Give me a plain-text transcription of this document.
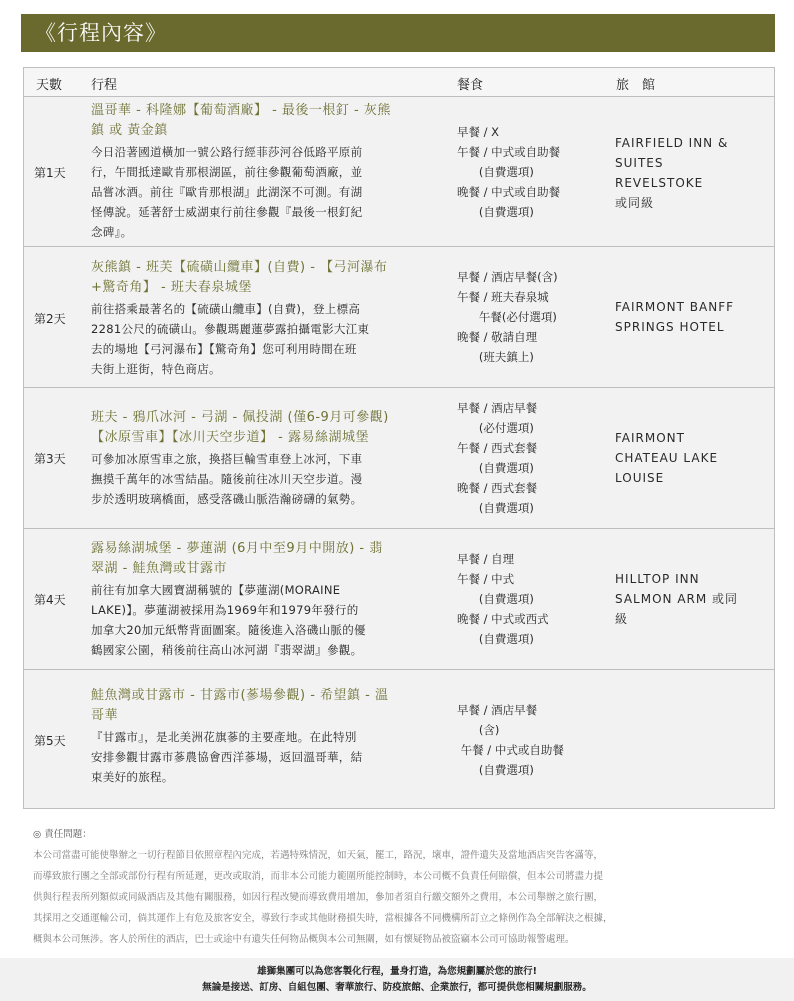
《行程內容》
天數 行程	餐食	旅　館
第1天
溫哥華 - 科隆娜【葡萄酒廠】 - 最後一根釘 - 灰熊
鎮 或 黃金鎮
今日沿著國道橫加一號公路行經菲莎河谷低路平原前
行，午間抵達歐肯那根湖區，前往參觀葡萄酒廠，並
品嘗冰酒。前往『歐肯那根湖』此湖深不可測。有湖
怪傳說。延著舒士威湖東行前往參觀『最後一根釘紀
念碑』。
早餐 / X
午餐 / 中式或自助餐
(自費選項)
晚餐 / 中式或自助餐
(自費選項)
FAIRFIELD INN &
SUITES
REVELSTOKE
或同級
第2天
灰熊鎮 - 班芙【硫磺山纜車】(自費) - 【弓河瀑布
+驚奇角】 - 班夫春泉城堡
前往搭乘最著名的【硫磺山纜車】(自費)，登上標高
2281公尺的硫磺山。參觀瑪麗蓮夢露拍攝電影大江東
去的場地【弓河瀑布】【驚奇角】您可利用時間在班
夫街上逛街，特色商店。
早餐 / 酒店早餐(含)
午餐 / 班夫春泉城
午餐(必付選項)
晚餐 / 敬請自理
(班夫鎮上)
FAIRMONT BANFF
SPRINGS HOTEL
第3天
班夫 - 鴉爪冰河 - 弓湖 - 佩投湖 (僅6-9月可參觀)
【冰原雪車】【冰川天空步道】 - 露易絲湖城堡
可參加冰原雪車之旅，換搭巨輪雪車登上冰河，下車
撫摸千萬年的冰雪結晶。隨後前往冰川天空步道。漫
步於透明玻璃橋面，感受落磯山脈浩瀚磅礴的氣勢。
早餐 / 酒店早餐
(必付選項)
午餐 / 西式套餐
(自費選項)
晚餐 / 西式套餐
(自費選項)
FAIRMONT
CHATEAU LAKE
LOUISE
第4天
露易絲湖城堡 - 夢蓮湖 (6月中至9月中開放) - 翡
翠湖 - 鮭魚灣或甘露市
前往有加拿大國寶湖稱號的【夢蓮湖(MORAINE
LAKE)】。夢蓮湖被採用為1969年和1979年發行的
加拿大20加元紙幣背面圖案。隨後進入洛磯山脈的優
鶴國家公園，稍後前往高山冰河湖『翡翠湖』參觀。
早餐 / 自理
午餐 / 中式
(自費選項)
晚餐 / 中式或西式
(自費選項)
HILLTOP INN
SALMON ARM 或同
級
第5天
鮭魚灣或甘露市 - 甘露市(蔘場參觀) - 希望鎮 - 溫
哥華
『甘露市』，是北美洲花旗蔘的主要產地。在此特別
安排參觀甘露市蔘農協會西洋蔘場，返回溫哥華，結
束美好的旅程。
早餐 / 酒店早餐
(含)
午餐 / 中式或自助餐
(自費選項)
◎ 責任問題：
本公司當盡可能使舉辦之一切行程節目依照章程內完成，若遇特殊情況，如天氣，罷工，路況，壞車，證件遺失及當地酒店突告客滿等，
而導致旅行團之全部或部份行程有所延遲，更改或取消，而非本公司能力範圍所能控制時，本公司概不負責任何賠償，但本公司將盡力提
供與行程表所列類似或同級酒店及其他有關服務，如因行程改變而導致費用增加，參加者須自行繳交額外之費用，本公司舉辦之旅行團，
其採用之交通運輸公司，倘其運作上有危及旅客安全，導致行李或其他財務損失時，當根據各不同機構所訂立之條例作為全部解決之根據，
概與本公司無涉。客人於所住的酒店，巴士或途中有遺失任何物品概與本公司無關，如有懷疑物品被盜竊本公司可協助報警處理。
雄獅集團可以為您客製化行程，量身打造，為您規劃屬於您的旅行!
無論是接送、訂房、自組包團、奢華旅行、防疫旅館、企業旅行，都可提供您相關規劃服務。
